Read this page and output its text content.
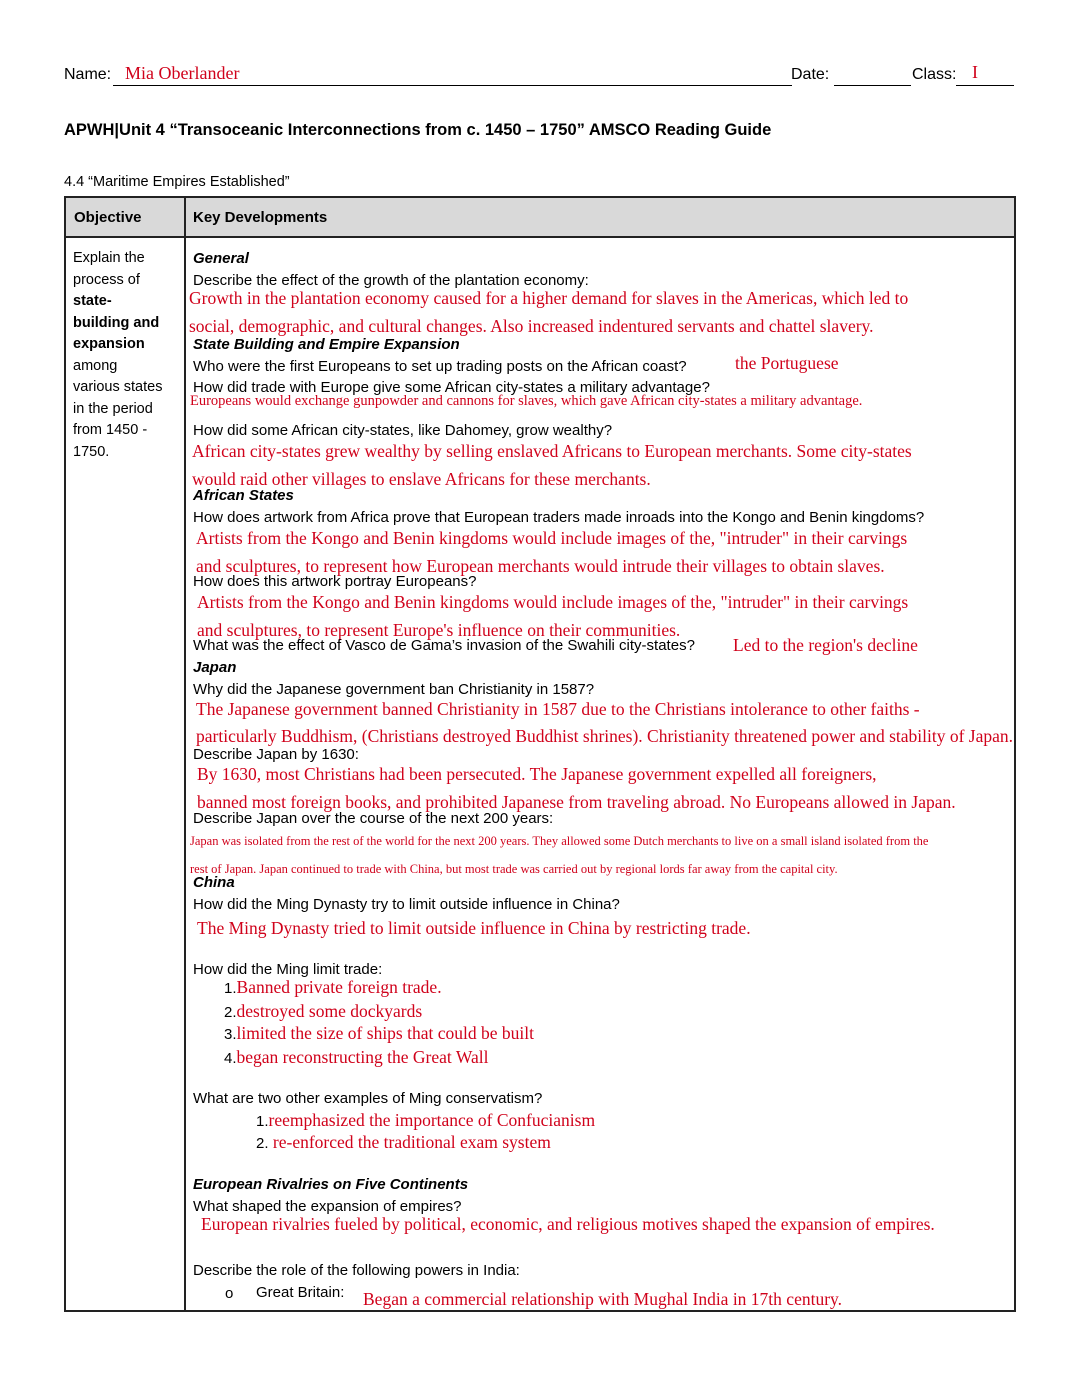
Name: Mia Oberlander	Date:	Class: I
APWH|Unit 4 “Transoceanic Interconnections from c. 1450 – 1750” AMSCO Reading Guide
4.4 “Maritime Empires Established”
Objective	Key Developments
Explain the
process of
state-
building and
expansion
among
various states
in the period
from 1450 -
1750.
General
Describe the effect of the growth of the plantation economy:
Growth in the plantation economy caused for a higher demand for slaves in the Americas, which led to
social, demographic, and cultural changes. Also increased indentured servants and chattel slavery.
State Building and Empire Expansion
Who were the first Europeans to set up trading posts on the African coast?	the Portuguese
How did trade with Europe give some African city-states a military advantage?
Europeans would exchange gunpowder and cannons for slaves, which gave African city-states a military advantage.
How did some African city-states, like Dahomey, grow wealthy?
African city-states grew wealthy by selling enslaved Africans to European merchants. Some city-states
would raid other villages to enslave Africans for these merchants.
African States
How does artwork from Africa prove that European traders made inroads into the Kongo and Benin kingdoms?
Artists from the Kongo and Benin kingdoms would include images of the, "intruder" in their carvings
and sculptures, to represent how European merchants would intrude their villages to obtain slaves.
How does this artwork portray Europeans?
Artists from the Kongo and Benin kingdoms would include images of the, "intruder" in their carvings
and sculptures, to represent Europe's influence on their communities.
What was the effect of Vasco de Gama’s invasion of the Swahili city-states? Led to the region's decline
Japan
Why did the Japanese government ban Christianity in 1587?
The Japanese government banned Christianity in 1587 due to the Christians intolerance to other faiths -
particularly Buddhism, (Christians destroyed Buddhist shrines). Christianity threatened power and stability of Japan.
Describe Japan by 1630:
By 1630, most Christians had been persecuted. The Japanese government expelled all foreigners,
banned most foreign books, and prohibited Japanese from traveling abroad. No Europeans allowed in Japan.
Describe Japan over the course of the next 200 years:
Japan was isolated from the rest of the world for the next 200 years. They allowed some Dutch merchants to live on a small island isolated from the
rest of Japan. Japan continued to trade with China, but most trade was carried out by regional lords far away from the capital city.
China
How did the Ming Dynasty try to limit outside influence in China?
The Ming Dynasty tried to limit outside influence in China by restricting trade.
How did the Ming limit trade:
1.Banned private foreign trade.
2.destroyed some dockyards
3.limited the size of ships that could be built
4.began reconstructing the Great Wall
What are two other examples of Ming conservatism?
1.reemphasized the importance of Confucianism
2. re-enforced the traditional exam system
European Rivalries on Five Continents
What shaped the expansion of empires?
European rivalries fueled by political, economic, and religious motives shaped the expansion of empires.
Describe the role of the following powers in India:
o Great Britain: Began a commercial relationship with Mughal India in 17th century.
